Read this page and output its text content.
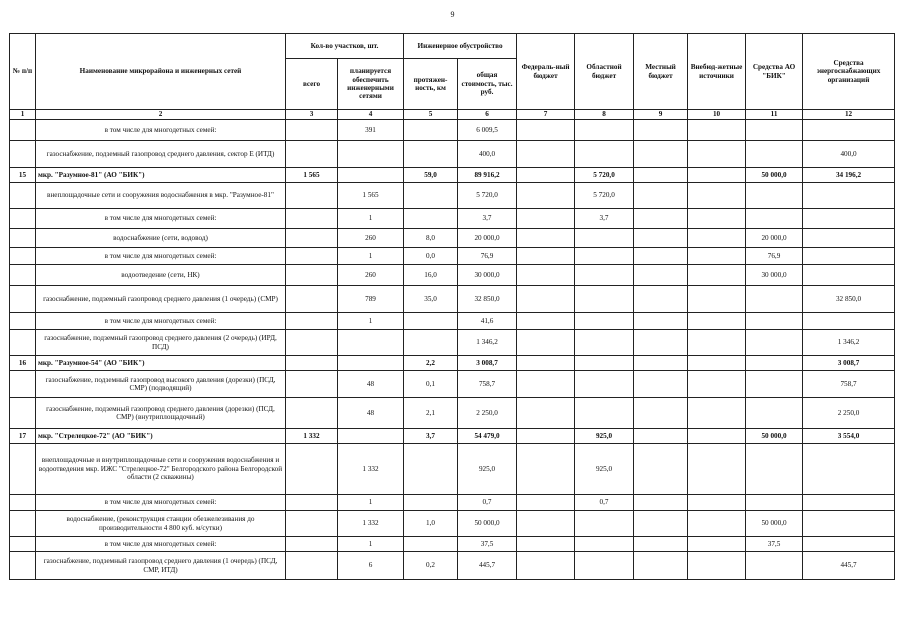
9
№ п/п	Наименование микрорайона и инженерных сетей	Кол-во участков, шт.		Инженерное обустройство		Федераль-ный бюджет	Областной бюджет	Местный бюджет	Внебюд-жетные источники	Средства АО "БИК"	Средства энергоснабжающих организаций
		всего	планируется обеспечить инженерными сетями	протяжен-ность, км	общая стоимость, тыс. руб.						
1	2	3	4	5	6	7	8	9	10	11	12
	в том числе для многодетных семей:		391		6 009,5						
	газоснабжение, подземный газопровод среднего давления, сектор Е (ИТД)				400,0						400,0
15	мкр. "Разумное-81" (АО "БИК")	1 565		59,0	89 916,2		5 720,0			50 000,0	34 196,2
	внеплощадочные сети и сооружения водоснабжения в мкр. "Разумное-81"		1 565		5 720,0		5 720,0				
	в том числе для многодетных семей:		1		3,7		3,7				
	водоснабжение (сети, водовод)		260	8,0	20 000,0					20 000,0	
	в том числе для многодетных семей:		1	0,0	76,9					76,9	
	водоотведение (сети, НК)		260	16,0	30 000,0					30 000,0	
	газоснабжение, подземный газопровод среднего давления (1 очередь) (СМР)		789	35,0	32 850,0						32 850,0
	в том числе для многодетных семей:		1		41,6						
	газоснабжение, подземный газопровод среднего давления (2 очередь) (ИРД, ПСД)				1 346,2						1 346,2
16	мкр. "Разумное-54" (АО "БИК")			2,2	3 008,7						3 008,7
	газоснабжение, подземный газопровод высокого давления (дорезки) (ПСД, СМР) (подводящий)		48	0,1	758,7						758,7
	газоснабжение, подземный газопровод среднего давления (дорезки) (ПСД, СМР) (внутриплощадочный)		48	2,1	2 250,0						2 250,0
17	мкр. "Стрелецкое-72" (АО "БИК")	1 332		3,7	54 479,0		925,0			50 000,0	3 554,0
	внеплощадочные и внутриплощадочные сети и сооружения водоснабжения и водоотведения мкр. ИЖС "Стрелецкое-72" Белгородского района Белгородской области (2 скважины)		1 332		925,0		925,0				
	в том числе для многодетных семей:		1		0,7		0,7				
	водоснабжение, (реконструкция станции обезжелезивания до производительности 4 800 куб. м/сутки)		1 332	1,0	50 000,0					50 000,0	
	в том числе для многодетных семей:		1		37,5					37,5	
	газоснабжение, подземный газопровод среднего давления (1 очередь) (ПСД, СМР, ИТД)		6	0,2	445,7						445,7
